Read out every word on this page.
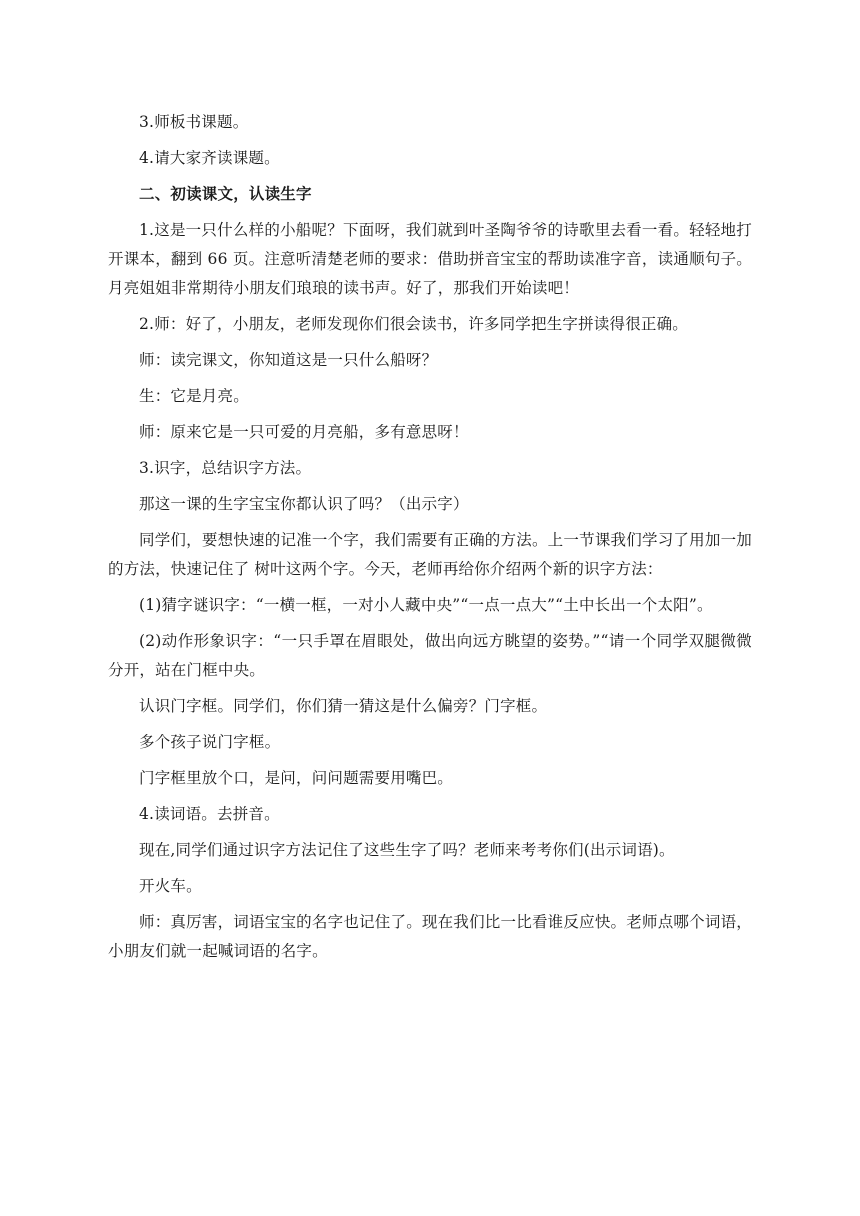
3.师板书课题。

4.请大家齐读课题。

二、初读课文，认读生字

1.这是一只什么样的小船呢？下面呀，我们就到叶圣陶爷爷的诗歌里去看一看。轻轻地打开课本，翻到 66 页。注意听清楚老师的要求：借助拼音宝宝的帮助读准字音，读通顺句子。月亮姐姐非常期待小朋友们琅琅的读书声。好了，那我们开始读吧！

2.师：好了，小朋友，老师发现你们很会读书，许多同学把生字拼读得很正确。

师：读完课文，你知道这是一只什么船呀？

生：它是月亮。

师：原来它是一只可爱的月亮船，多有意思呀！

3.识字，总结识字方法。

那这一课的生字宝宝你都认识了吗？（出示字）

同学们，要想快速的记准一个字，我们需要有正确的方法。上一节课我们学习了用加一加的方法，快速记住了 树叶这两个字。今天，老师再给你介绍两个新的识字方法：

(1)猜字谜识字：“一横一框，一对小人藏中央”“一点一点大”“土中长出一个太阳”。

(2)动作形象识字：“一只手罩在眉眼处，做出向远方眺望的姿势。”“请一个同学双腿微微分开，站在门框中央。

认识门字框。同学们，你们猜一猜这是什么偏旁？门字框。

多个孩子说门字框。

门字框里放个口，是问，问问题需要用嘴巴。

4.读词语。去拼音。

现在,同学们通过识字方法记住了这些生字了吗？老师来考考你们(出示词语)。

开火车。

师：真厉害，词语宝宝的名字也记住了。现在我们比一比看谁反应快。老师点哪个词语，小朋友们就一起喊词语的名字。
